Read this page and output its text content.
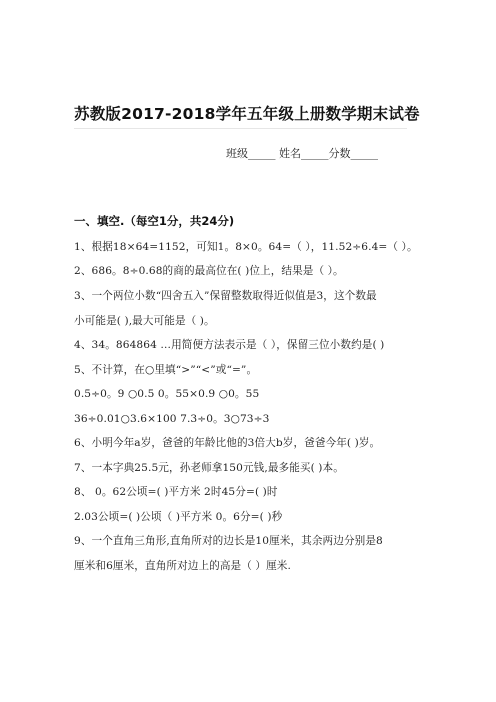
苏教版2017-2018学年五年级上册数学期末试卷
班级_____ 姓名_____分数_____
一、填空.（每空1分，共24分)
1、根据18×64=1152，可知1。8×0。64=（ ），11.52÷6.4=（ ）。
2、686。8÷0.68的商的最高位在( )位上，结果是（ ）。
3、一个两位小数“四舍五入”保留整数取得近似值是3，这个数最
小可能是( ),最大可能是（ )。
4、34。864864 …用简便方法表示是（ ），保留三位小数约是( )
5、不计算，在○里填“>”“<”或“=”。
0.5÷0。9 ○0.5 0。55×0.9 ○0。55
36÷0.01○3.6×100 7.3÷0。3○73÷3
6、小明今年a岁，爸爸的年龄比他的3倍大b岁，爸爸今年( )岁。
7、一本字典25.5元，孙老师拿150元钱,最多能买( )本。
8、 0。62公顷=( )平方米 2时45分=( )时
2.03公顷=( )公顷（ )平方米 0。6分=( )秒
9、一个直角三角形,直角所对的边长是10厘米，其余两边分别是8
厘米和6厘米，直角所对边上的高是（ ）厘米.
